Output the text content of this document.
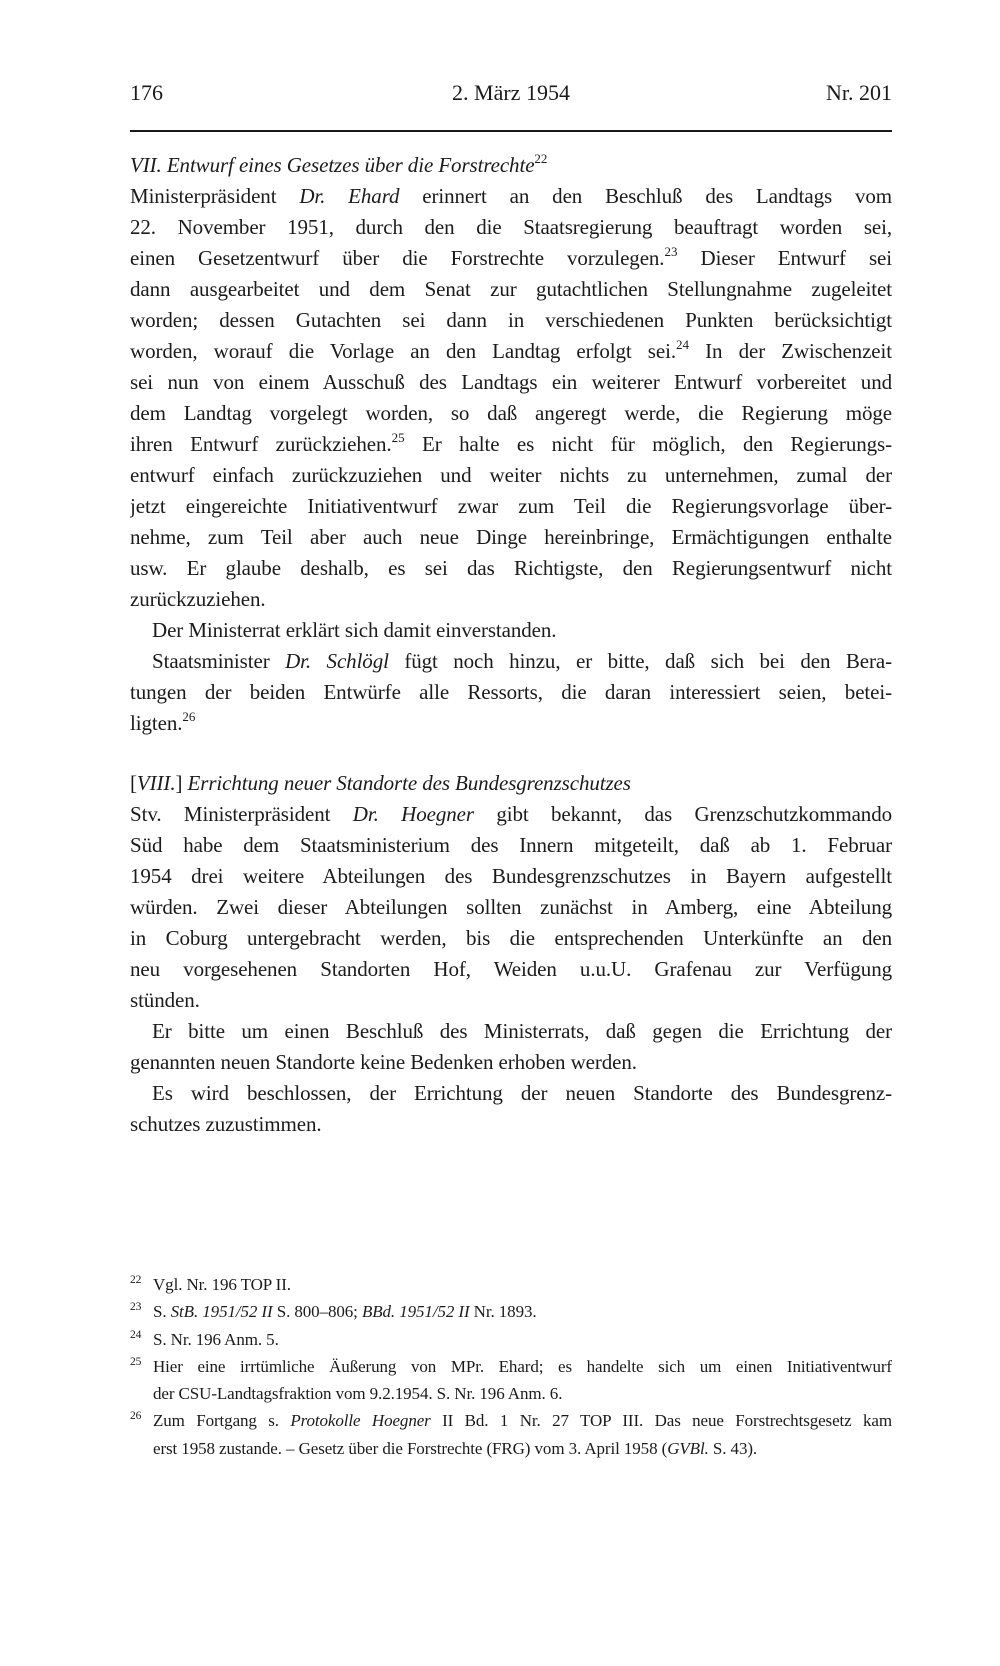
176	2. März 1954	Nr. 201
VII. Entwurf eines Gesetzes über die Forstrechte$^{22}$
Ministerpräsident Dr. Ehard erinnert an den Beschluß des Landtags vom
22. November 1951, durch den die Staatsregierung beauftragt worden sei,
einen Gesetzentwurf über die Forstrechte vorzulegen.$^{23}$ Dieser Entwurf sei
dann ausgearbeitet und dem Senat zur gutachtlichen Stellungnahme zugeleitet
worden; dessen Gutachten sei dann in verschiedenen Punkten berücksichtigt
worden, worauf die Vorlage an den Landtag erfolgt sei.$^{24}$ In der Zwischenzeit
sei nun von einem Ausschuß des Landtags ein weiterer Entwurf vorbereitet und
dem Landtag vorgelegt worden, so daß angeregt werde, die Regierung möge
ihren Entwurf zurückziehen.$^{25}$ Er halte es nicht für möglich, den Regierungs-
entwurf einfach zurückzuziehen und weiter nichts zu unternehmen, zumal der
jetzt eingereichte Initiativentwurf zwar zum Teil die Regierungsvorlage über-
nehme, zum Teil aber auch neue Dinge hereinbringe, Ermächtigungen enthalte
usw. Er glaube deshalb, es sei das Richtigste, den Regierungsentwurf nicht
zurückzuziehen.
Der Ministerrat erklärt sich damit einverstanden.
Staatsminister Dr. Schlögl fügt noch hinzu, er bitte, daß sich bei den Bera-
tungen der beiden Entwürfe alle Ressorts, die daran interessiert seien, betei-
ligten.$^{26}$
[VIII.] Errichtung neuer Standorte des Bundesgrenzschutzes
Stv. Ministerpräsident Dr. Hoegner gibt bekannt, das Grenzschutzkommando
Süd habe dem Staatsministerium des Innern mitgeteilt, daß ab 1. Februar
1954 drei weitere Abteilungen des Bundesgrenzschutzes in Bayern aufgestellt
würden. Zwei dieser Abteilungen sollten zunächst in Amberg, eine Abteilung
in Coburg untergebracht werden, bis die entsprechenden Unterkünfte an den
neu vorgesehenen Standorten Hof, Weiden u.u.U. Grafenau zur Verfügung
stünden.
Er bitte um einen Beschluß des Ministerrats, daß gegen die Errichtung der
genannten neuen Standorte keine Bedenken erhoben werden.
Es wird beschlossen, der Errichtung der neuen Standorte des Bundesgrenz-
schutzes zuzustimmen.
22 Vgl. Nr. 196 TOP II.
23 S. StB. 1951/52 II S. 800–806; BBd. 1951/52 II Nr. 1893.
24 S. Nr. 196 Anm. 5.
25 Hier eine irrtümliche Äußerung von MPr. Ehard; es handelte sich um einen Initiativentwurf
der CSU-Landtagsfraktion vom 9.2.1954. S. Nr. 196 Anm. 6.
26 Zum Fortgang s. Protokolle Hoegner II Bd. 1 Nr. 27 TOP III. Das neue Forstrechtsgesetz kam
erst 1958 zustande. – Gesetz über die Forstrechte (FRG) vom 3. April 1958 (GVBl. S. 43).
